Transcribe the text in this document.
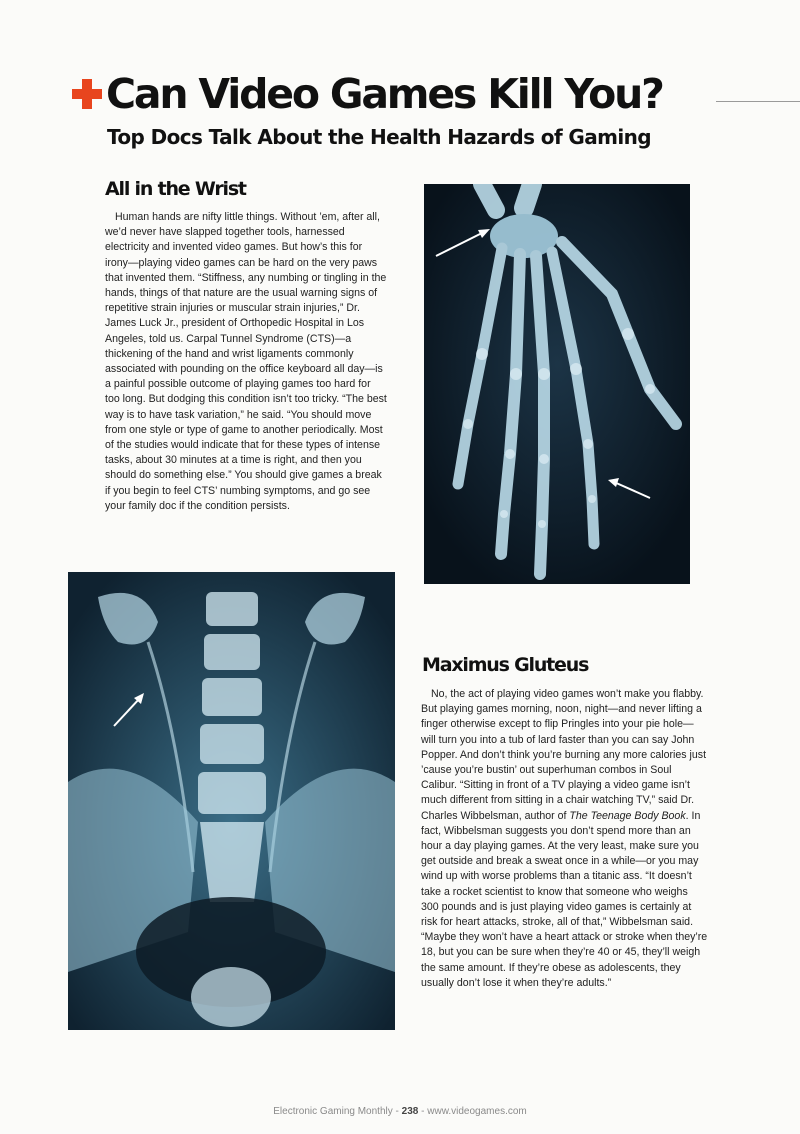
Can Video Games Kill You?
Top Docs Talk About the Health Hazards of Gaming
All in the Wrist

Human hands are nifty little things. Without ’em, after all, we’d never have slapped together tools, harnessed electricity and invented video games. But how’s this for irony—playing video games can be hard on the very paws that invented them. “Stiffness, any numbing or tingling in the hands, things of that nature are the usual warning signs of repetitive strain injuries or muscular strain injuries,” Dr. James Luck Jr., president of Orthopedic Hospital in Los Angeles, told us. Carpal Tunnel Syndrome (CTS)—a thickening of the hand and wrist ligaments commonly associated with pounding on the office keyboard all day—is a painful possible outcome of playing games too hard for too long. But dodging this condition isn’t too tricky. “The best way is to have task variation,” he said. “You should move from one style or type of game to another periodically. Most of the studies would indicate that for these types of intense tasks, about 30 minutes at a time is right, and then you should do something else.” You should give games a break if you begin to feel CTS’ numbing symptoms, and go see your family doc if the condition persists.

Maximus Gluteus

No, the act of playing video games won’t make you flabby. But playing games morning, noon, night—and never lifting a finger otherwise except to flip Pringles into your pie hole—will turn you into a tub of lard faster than you can say John Popper. And don’t think you’re burning any more calories just ’cause you’re bustin’ out superhuman combos in Soul Calibur. “Sitting in front of a TV playing a video game isn’t much different from sitting in a chair watching TV,” said Dr. Charles Wibbelsman, author of The Teenage Body Book. In fact, Wibbelsman suggests you don’t spend more than an hour a day playing games. At the very least, make sure you get outside and break a sweat once in a while—or you may wind up with worse problems than a titanic ass. “It doesn’t take a rocket scientist to know that someone who weighs 300 pounds and is just playing video games is certainly at risk for heart attacks, stroke, all of that,” Wibbelsman said. “Maybe they won’t have a heart attack or stroke when they’re 18, but you can be sure when they’re 40 or 45, they’ll weigh the same amount. If they’re obese as adolescents, they usually don’t lose it when they’re adults.”

Electronic Gaming Monthly - 238 - www.videogames.com
